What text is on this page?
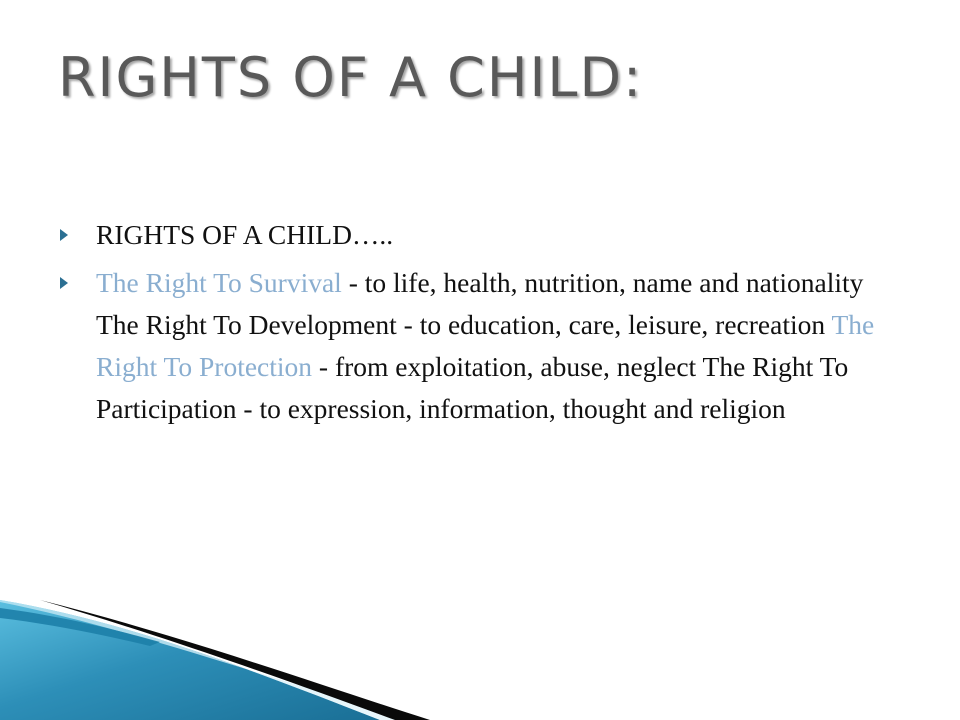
RIGHTS OF A CHILD:
RIGHTS OF A CHILD…..
The Right To Survival - to life, health, nutrition, name and nationality The Right To Development - to education, care, leisure, recreation The Right To Protection - from exploitation, abuse, neglect The Right To Participation - to expression, information, thought and religion
